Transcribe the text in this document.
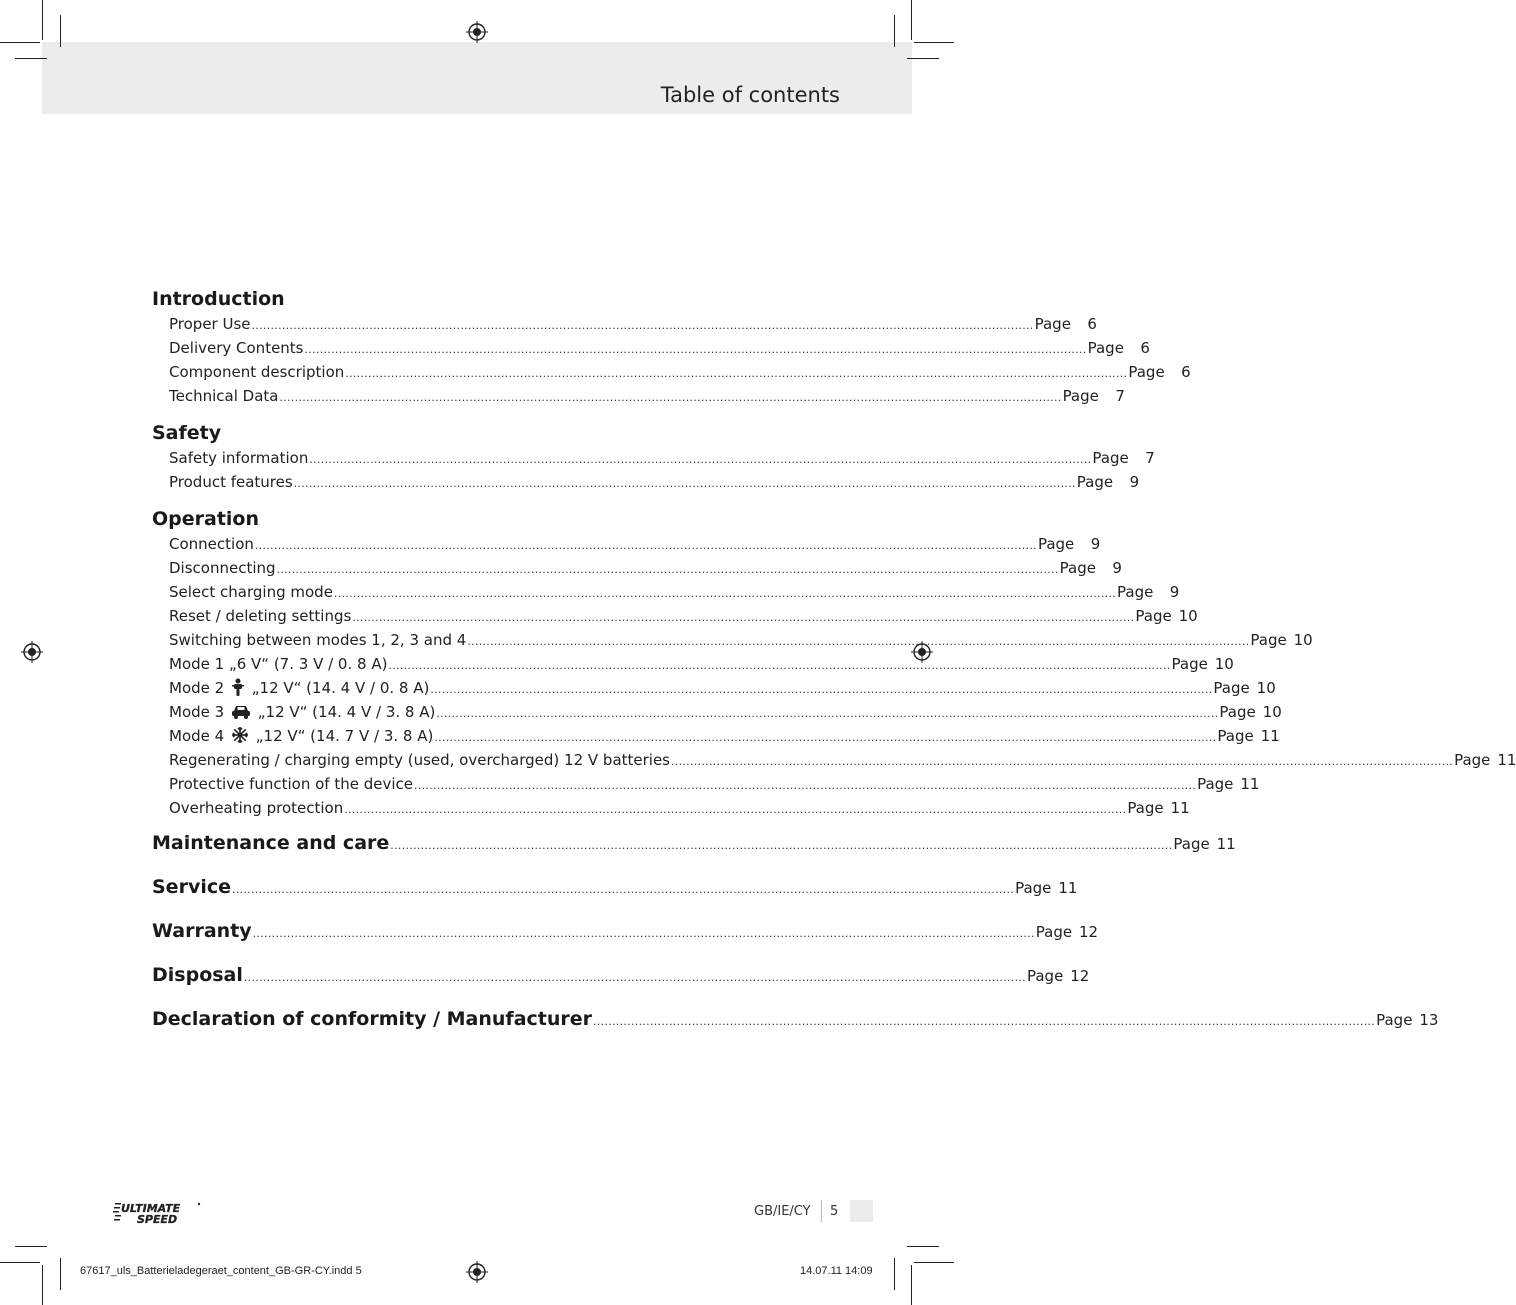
Table of contents
Introduction
Proper Use .............................................................................................................................................................................................................. Page 6
Delivery Contents .............................................................................................................................................................................................................. Page 6
Component description .............................................................................................................................................................................................................. Page 6
Technical Data .............................................................................................................................................................................................................. Page 7
Safety
Safety information .............................................................................................................................................................................................................. Page 7
Product features .............................................................................................................................................................................................................. Page 9
Operation
Connection .............................................................................................................................................................................................................. Page 9
Disconnecting .............................................................................................................................................................................................................. Page 9
Select charging mode .............................................................................................................................................................................................................. Page 9
Reset / deleting settings .............................................................................................................................................................................................................. Page 10
Switching between modes 1, 2, 3 and 4 .............................................................................................................................................................................................................. Page 10
Mode 1 „6 V“ (7. 3 V / 0. 8 A) .............................................................................................................................................................................................................. Page 10
Mode 2 „12 V“ (14. 4 V / 0. 8 A) .............................................................................................................................................................................................................. Page 10
Mode 3 „12 V“ (14. 4 V / 3. 8 A) .............................................................................................................................................................................................................. Page 10
Mode 4 „12 V“ (14. 7 V / 3. 8 A) .............................................................................................................................................................................................................. Page 11
Regenerating / charging empty (used, overcharged) 12 V batteries .............................................................................................................................................................................................................. Page 11
Protective function of the device .............................................................................................................................................................................................................. Page 11
Overheating protection .............................................................................................................................................................................................................. Page 11
Maintenance and care .............................................................................................................................................................................................................. Page 11
Service .............................................................................................................................................................................................................. Page 11
Warranty .............................................................................................................................................................................................................. Page 12
Disposal .............................................................................................................................................................................................................. Page 12
Declaration of conformity / Manufacturer .............................................................................................................................................................................................................. Page 13
ULTIMATE
SPEED
GB/IE/CY 5
67617_uls_Batterieladegeraet_content_GB-GR-CY.indd 5	14.07.11 14:09
